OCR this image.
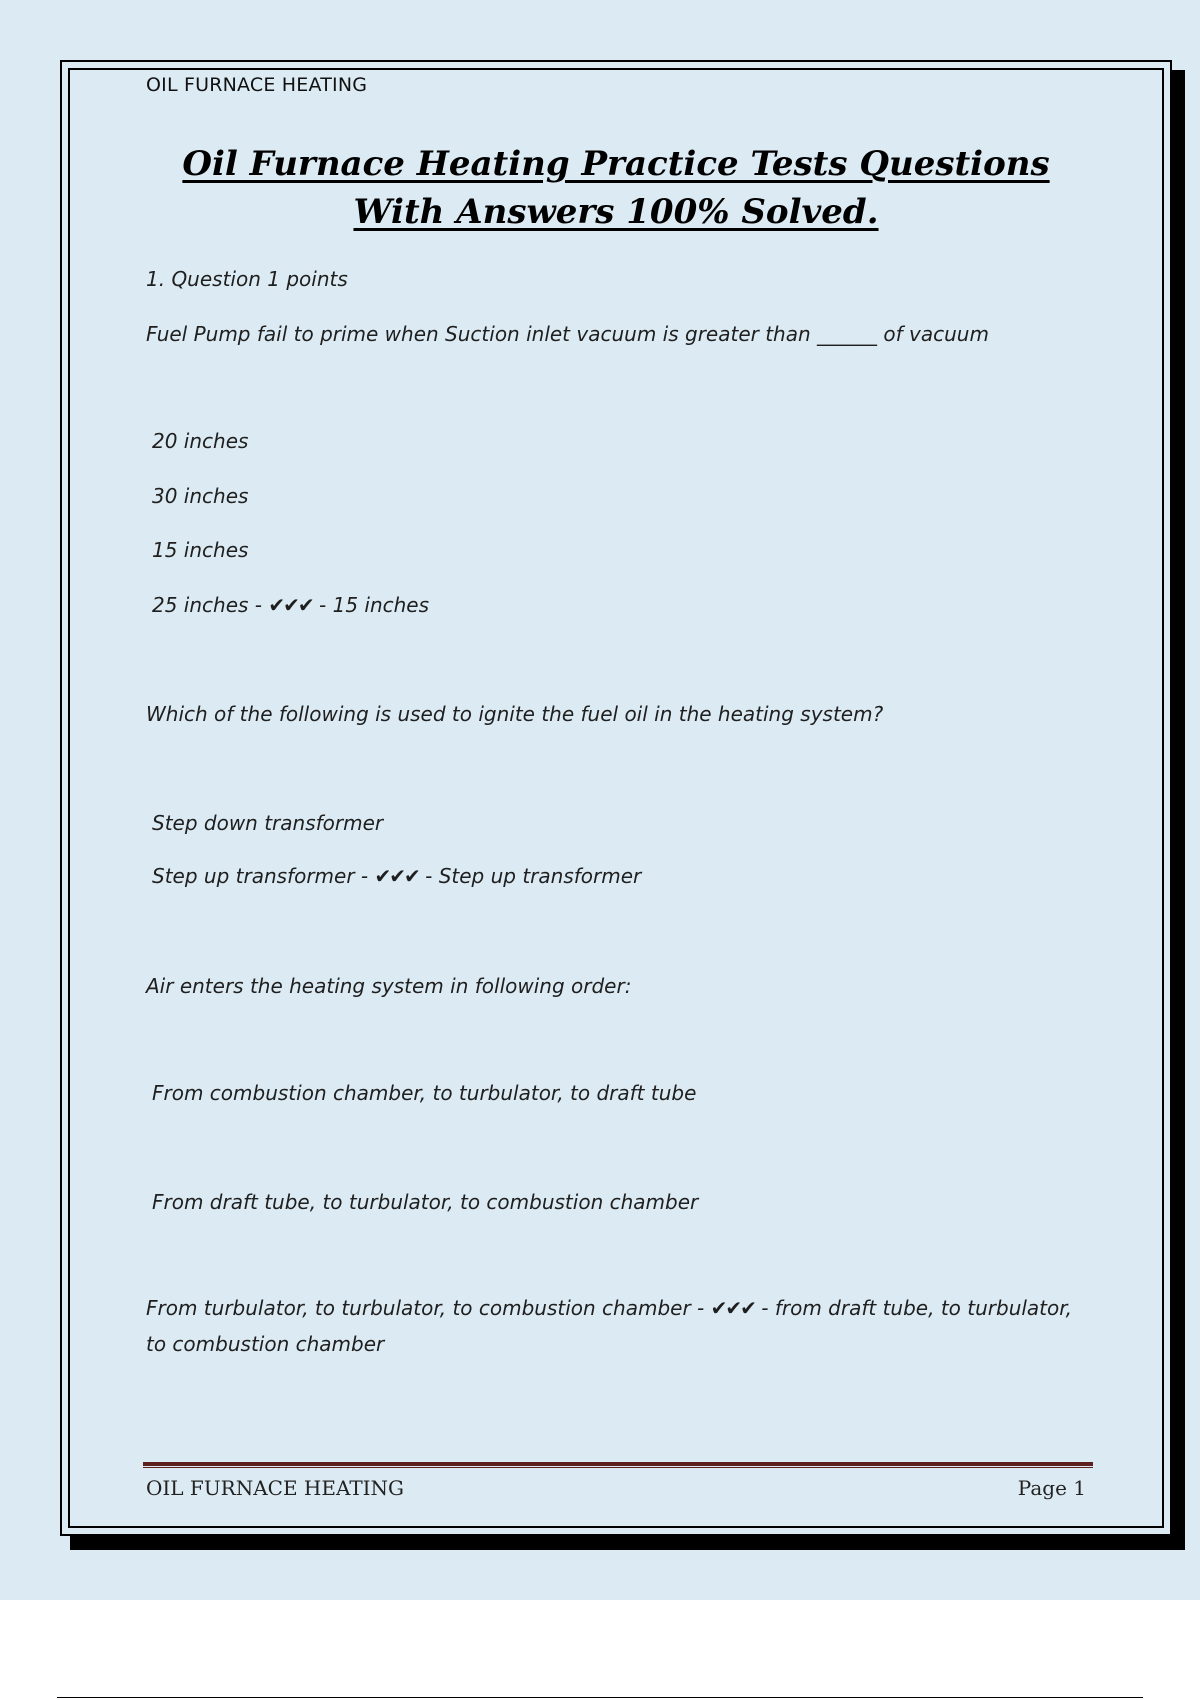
OIL FURNACE HEATING
Oil Furnace Heating Practice Tests Questions
With Answers 100% Solved.
1. Question 1 points
Fuel Pump fail to prime when Suction inlet vacuum is greater than ______ of vacuum
20 inches
30 inches
15 inches
25 inches - ✔✔✔ - 15 inches
Which of the following is used to ignite the fuel oil in the heating system?
Step down transformer
Step up transformer - ✔✔✔ - Step up transformer
Air enters the heating system in following order:
From combustion chamber, to turbulator, to draft tube
From draft tube, to turbulator, to combustion chamber
From turbulator, to turbulator, to combustion chamber - ✔✔✔ - from draft tube, to turbulator, to combustion chamber
OIL FURNACE HEATING	Page 1
